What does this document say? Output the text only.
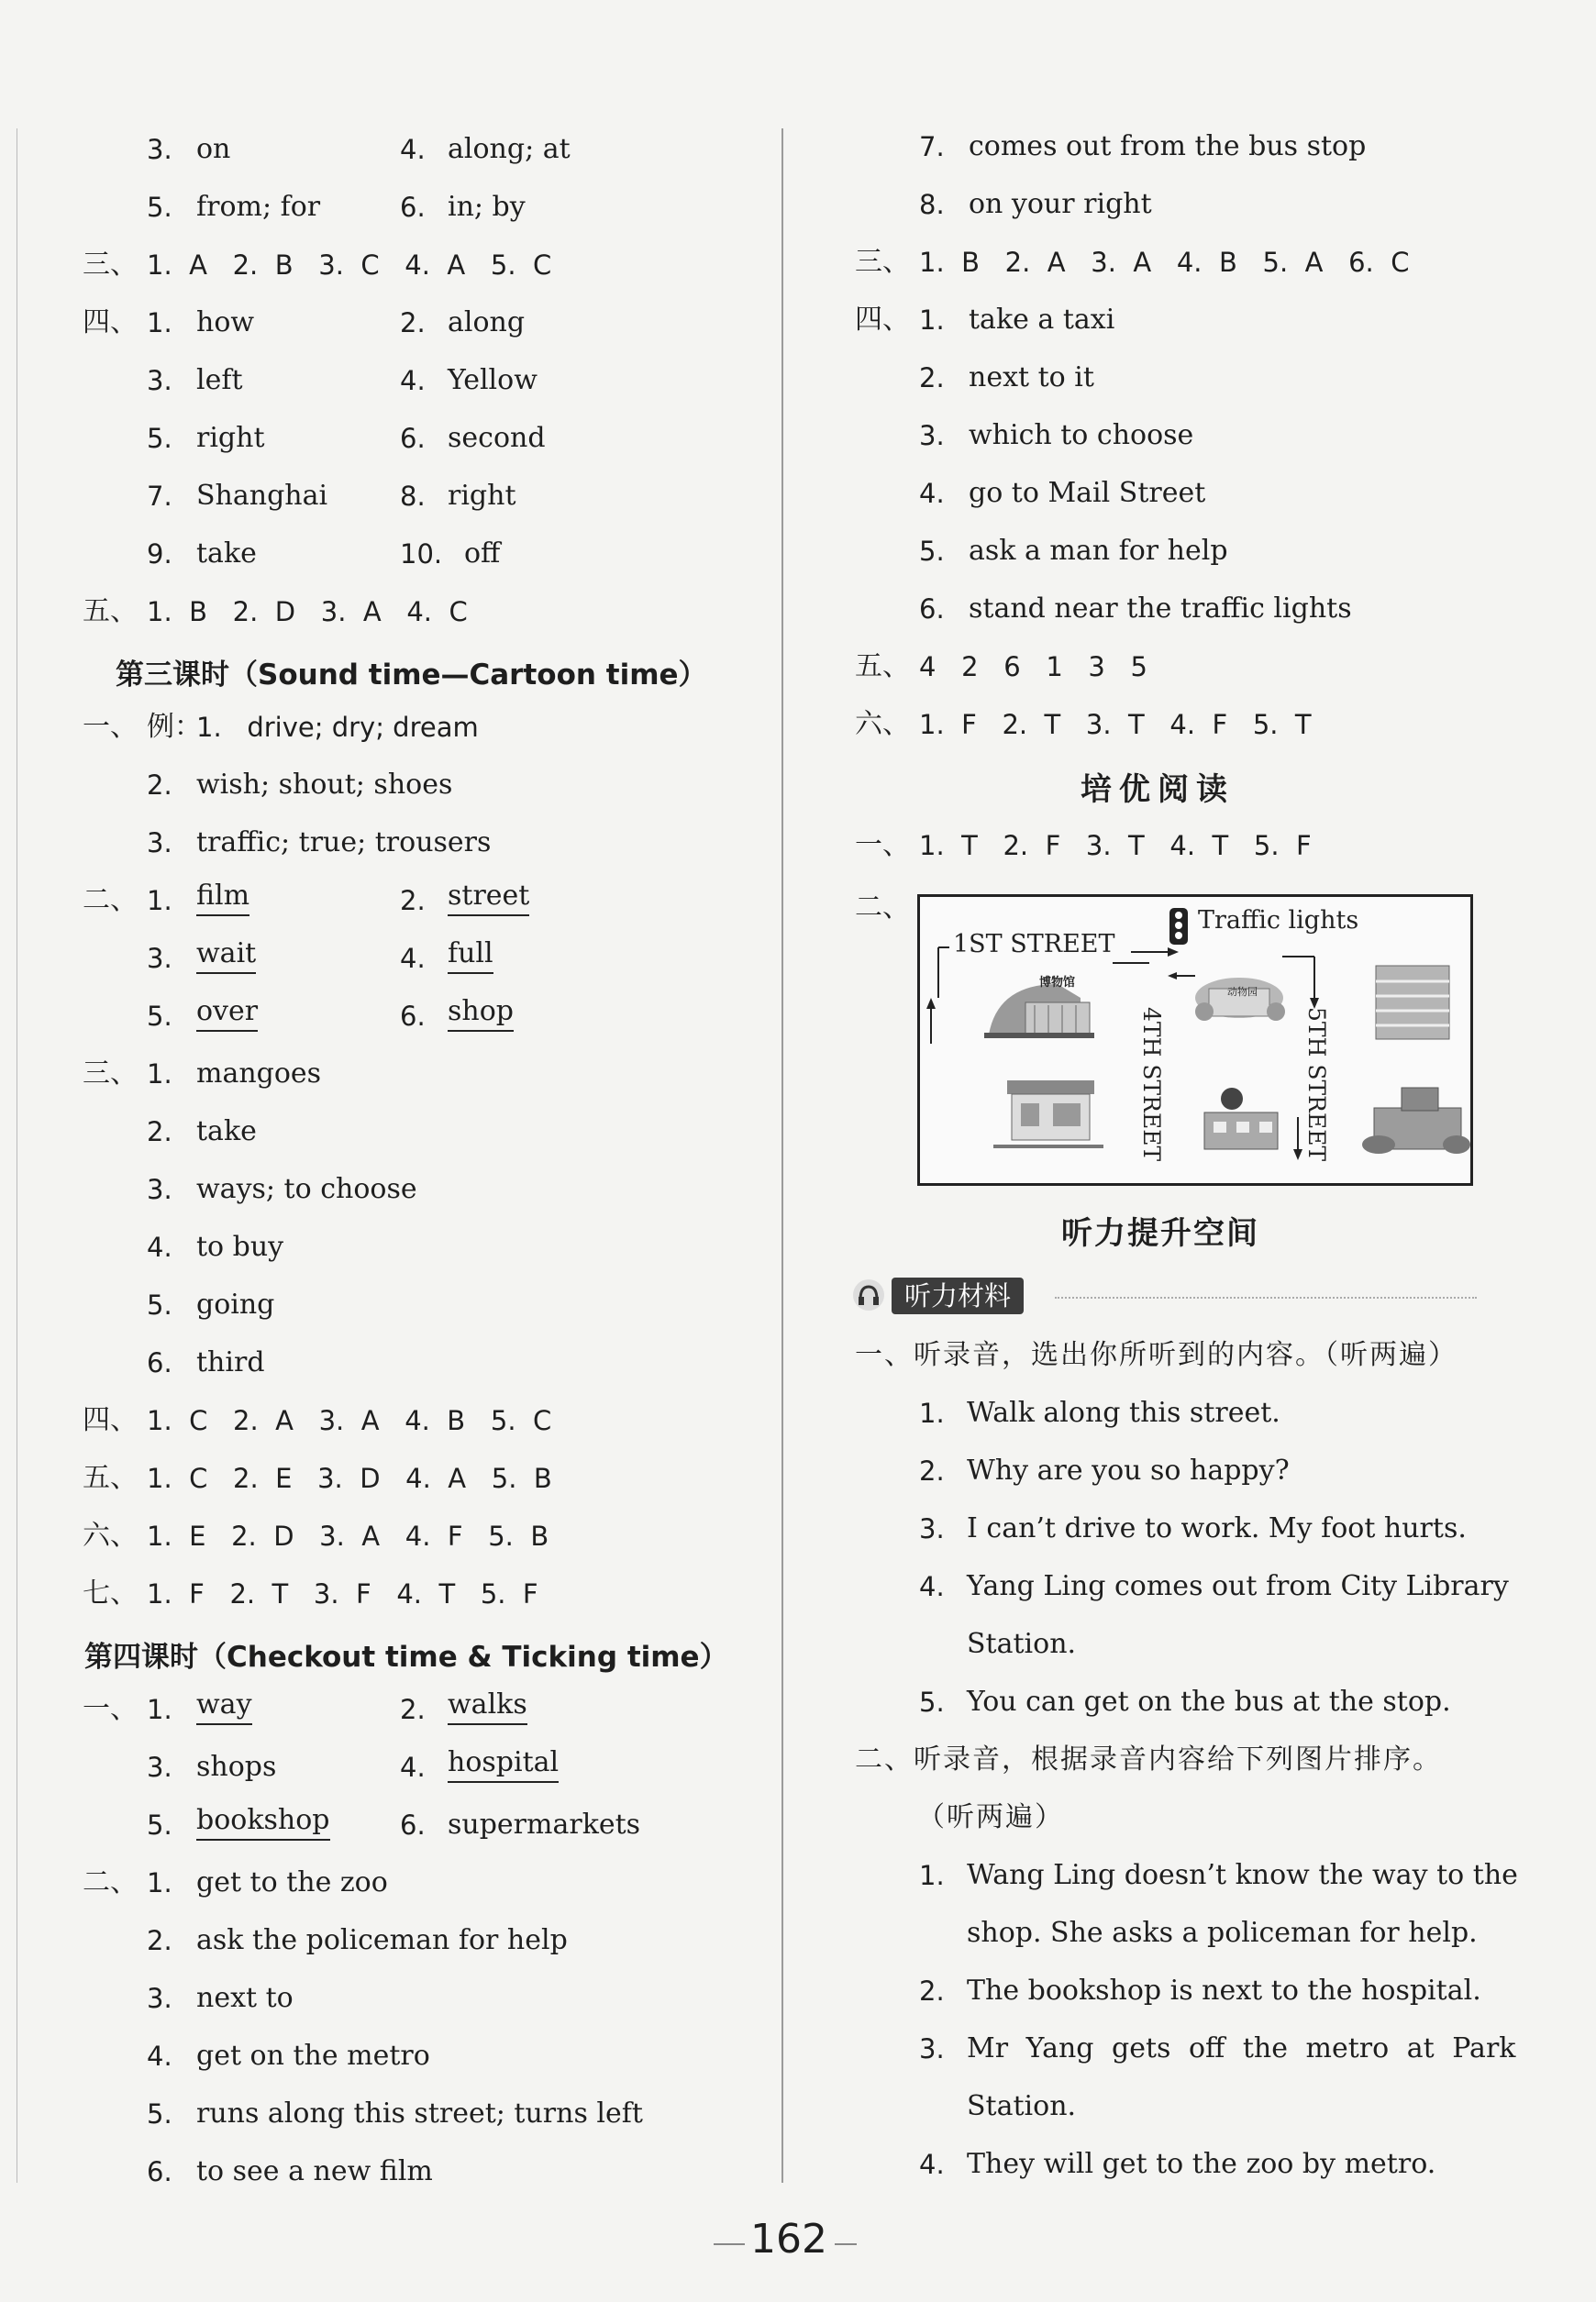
3. on	4. along; at
5. from; for	6. in; by
三、 1.  A   2.  B   3.  C   4.  A   5.  C
四、 1. how	2. along
3. left	4. Yellow
5. right	6. second
7. Shanghai	8. right
9. take	10. off
五、 1.  B   2.  D   3.  A   4.  C
第三课时（Sound time—Cartoon time）
一、 例：
1.   drive; dry; dream
2. wish; shout; shoes
3. traffic; true; trousers
二、 1. film	2. street
3. wait	4. full
5. over	6. shop
三、 1. mangoes
2. take
3. ways; to choose
4. to buy
5. going
6. third
四、 1.  C   2.  A   3.  A   4.  B   5.  C
五、 1.  C   2.  E   3.  D   4.  A   5.  B
六、 1.  E   2.  D   3.  A   4.  F   5.  B
七、 1.  F   2.  T   3.  F   4.  T   5.  F
第四课时（Checkout time & Ticking time）
一、 1. way	2. walks
3. shops	4. hospital
5. bookshop	6. supermarkets
二、 1. get to the zoo
2. ask the policeman for help
3. next to
4. get on the metro
5. runs along this street; turns left
6. to see a new film
7. comes out from the bus stop
8. on your right
三、 1.  B   2.  A   3.  A   4.  B   5.  A   6.  C
四、 1. take a taxi
2. next to it
3. which to choose
4. go to Mail Street
5. ask a man for help
6. stand near the traffic lights
五、 4   2   6   1   3   5
六、 1.  F   2.  T   3.  T   4.  F   5.  T
培优阅读
一、 1.  T   2.  F   3.  T   4.  T   5.  F
二、
1ST STREET
Traffic lights
博物馆
动物园
4TH STREET	5TH STREET
听力提升空间
听力材料
一、听录音，选出你所听到的内容。（听两遍）
1. Walk along this street.
2. Why are you so happy?
3. I can’t drive to work. My foot hurts.
4. Yang Ling comes out from City Library
Station.
5. You can get on the bus at the stop.
二、听录音，根据录音内容给下列图片排序。
（听两遍）
1. Wang Ling doesn’t know the way to the
shop. She asks a policeman for help.
2. The bookshop is next to the hospital.
3. Mr Yang gets off the metro at Park
Station.
4. They will get to the zoo by metro.
162
